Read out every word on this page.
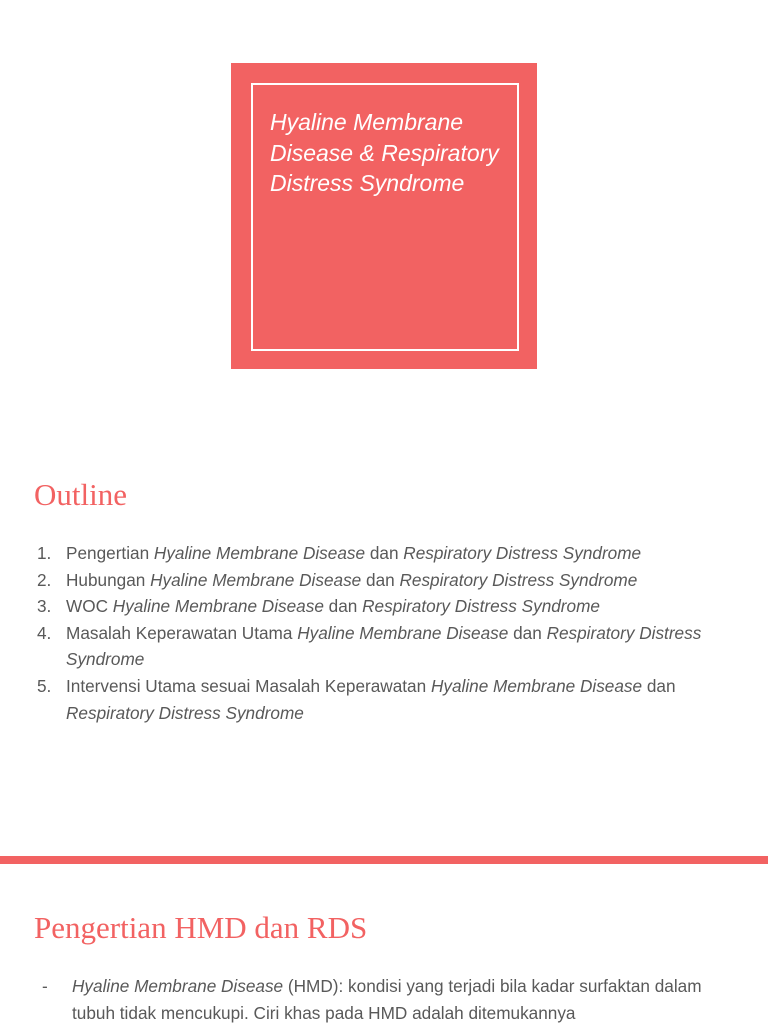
Hyaline Membrane Disease & Respiratory Distress Syndrome
Outline
1. Pengertian Hyaline Membrane Disease dan Respiratory Distress Syndrome
2. Hubungan Hyaline Membrane Disease dan Respiratory Distress Syndrome
3. WOC Hyaline Membrane Disease dan Respiratory Distress Syndrome
4. Masalah Keperawatan Utama Hyaline Membrane Disease dan Respiratory Distress Syndrome
5. Intervensi Utama sesuai Masalah Keperawatan Hyaline Membrane Disease dan Respiratory Distress Syndrome
Pengertian HMD dan RDS
- Hyaline Membrane Disease (HMD): kondisi yang terjadi bila kadar surfaktan dalam tubuh tidak mencukupi. Ciri khas pada HMD adalah ditemukannya
